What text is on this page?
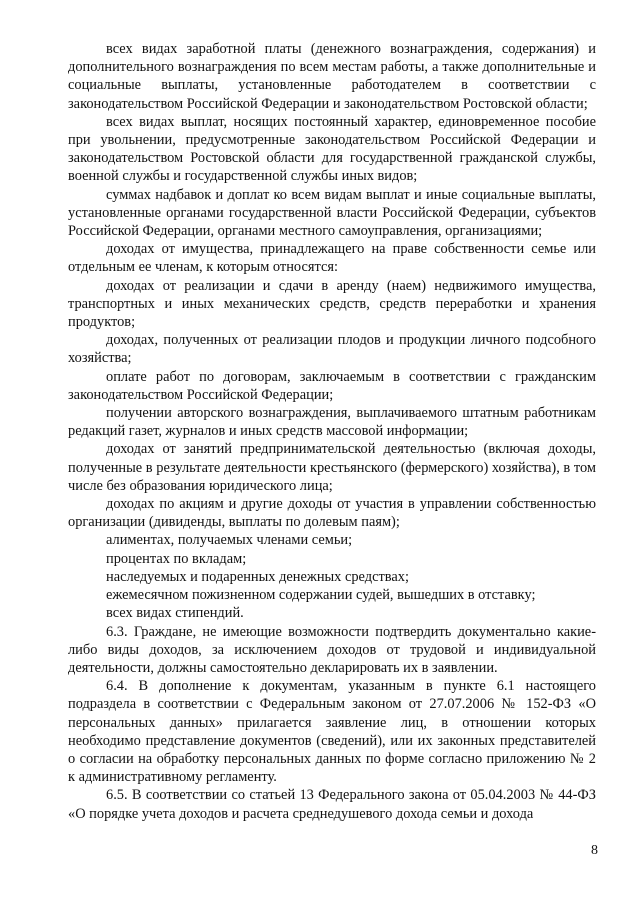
всех видах заработной платы (денежного вознаграждения, содержания) и дополнительного вознаграждения по всем местам работы, а также дополнительные и социальные выплаты, установленные работодателем в соответствии с законодательством Российской Федерации и законодательством Ростовской области;

всех видах выплат, носящих постоянный характер, единовременное пособие при увольнении, предусмотренные законодательством Российской Федерации и законодательством Ростовской области для государственной гражданской службы, военной службы и государственной службы иных видов;

суммах надбавок и доплат ко всем видам выплат и иные социальные выплаты, установленные органами государственной власти Российской Федерации, субъектов Российской Федерации, органами местного самоуправления, организациями;

доходах от имущества, принадлежащего на праве собственности семье или отдельным ее членам, к которым относятся:

доходах от реализации и сдачи в аренду (наем) недвижимого имущества, транспортных и иных механических средств, средств переработки и хранения продуктов;

доходах, полученных от реализации плодов и продукции личного подсобного хозяйства;

оплате работ по договорам, заключаемым в соответствии с гражданским законодательством Российской Федерации;

получении авторского вознаграждения, выплачиваемого штатным работникам редакций газет, журналов и иных средств массовой информации;

доходах от занятий предпринимательской деятельностью (включая доходы, полученные в результате деятельности крестьянского (фермерского) хозяйства), в том числе без образования юридического лица;

доходах по акциям и другие доходы от участия в управлении собственностью организации (дивиденды, выплаты по долевым паям);

алиментах, получаемых членами семьи;

процентах по вкладам;

наследуемых и подаренных денежных средствах;

ежемесячном пожизненном содержании судей, вышедших в отставку;

всех видах стипендий.

6.3. Граждане, не имеющие возможности подтвердить документально какие-либо виды доходов, за исключением доходов от трудовой и индивидуальной деятельности, должны самостоятельно декларировать их в заявлении.

6.4. В дополнение к документам, указанным в пункте 6.1 настоящего подраздела в соответствии с Федеральным законом от 27.07.2006 № 152-ФЗ «О персональных данных» прилагается заявление лиц, в отношении которых необходимо представление документов (сведений), или их законных представителей о согласии на обработку персональных данных по форме согласно приложению № 2 к административному регламенту.

6.5. В соответствии со статьей 13 Федерального закона от 05.04.2003 № 44-ФЗ «О порядке учета доходов и расчета среднедушевого дохода семьи и дохода

8
